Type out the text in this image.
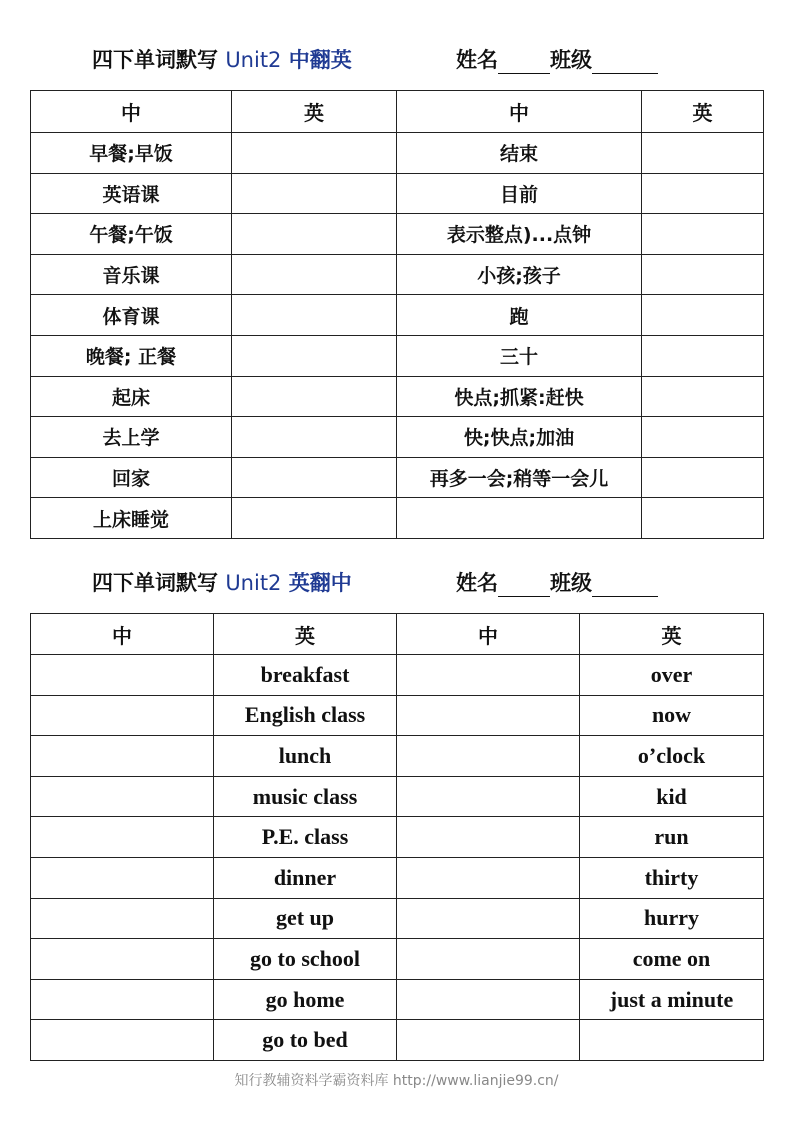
四下单词默写 Unit2 中翻英	姓名 班级
中	英	中	英
早餐;早饭		结束	
英语课		目前	
午餐;午饭		表示整点)...点钟	
音乐课		小孩;孩子	
体育课		跑	
晚餐; 正餐		三十	
起床		快点;抓紧:赶快	
去上学		快;快点;加油	
回家		再多一会;稍等一会儿	
上床睡觉			
四下单词默写 Unit2 英翻中	姓名 班级
中	英	中	英
	breakfast		over
	English class		now
	lunch		o’clock
	music class		kid
	P.E. class		run
	dinner		thirty
	get up		hurry
	go to school		come on
	go home		just a minute
	go to bed		
知行教辅资料学霸资料库 http://www.lianjie99.cn/
